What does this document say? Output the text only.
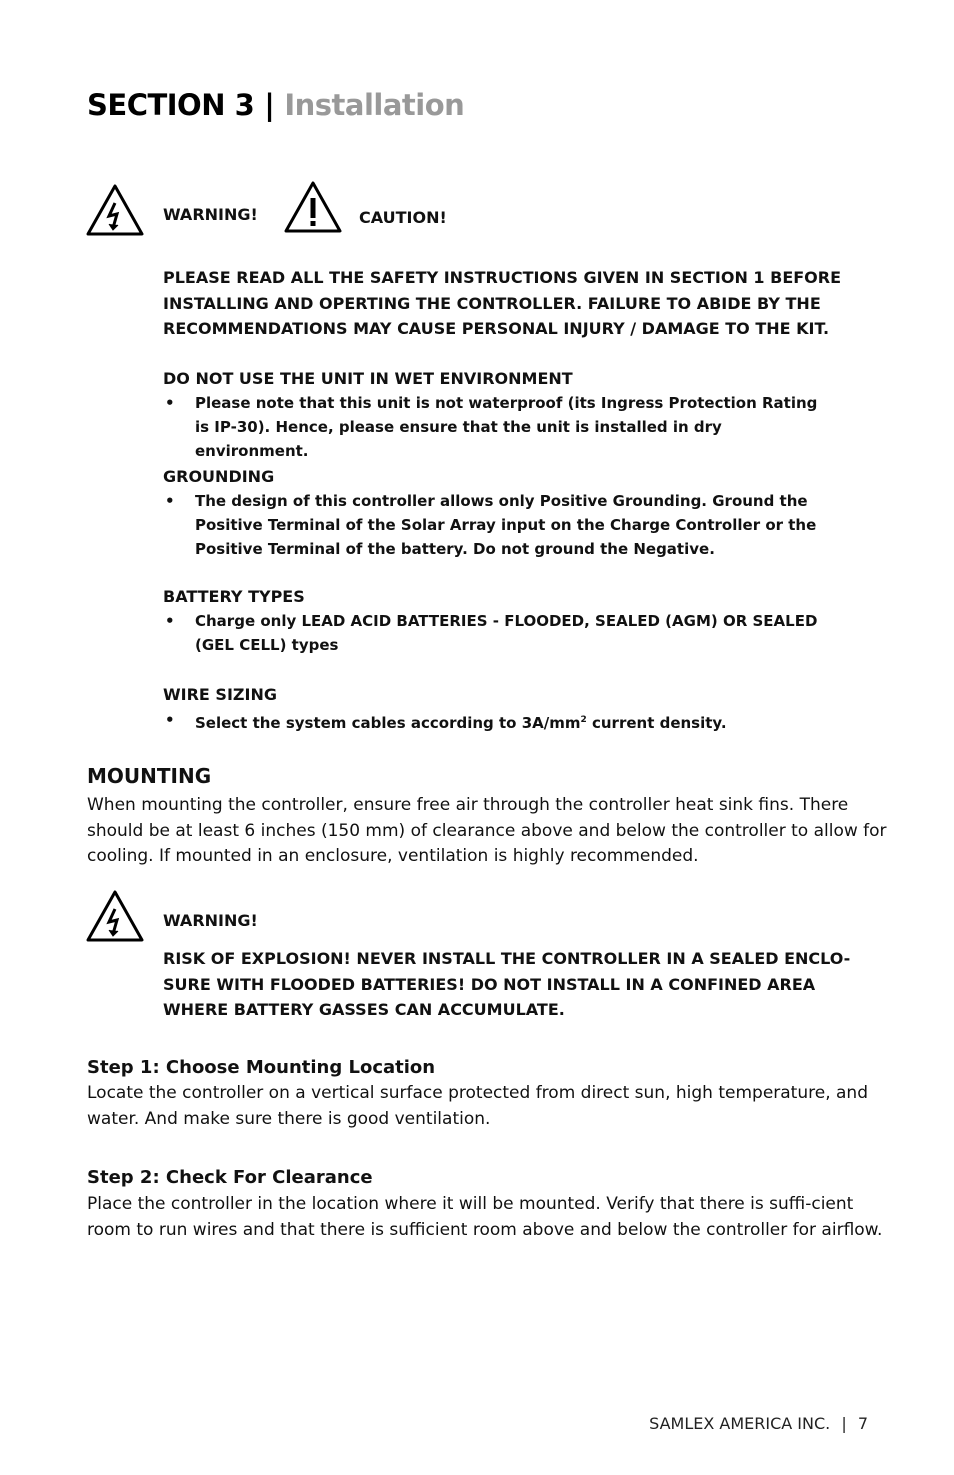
SECTION 3 | Installation
WARNING!	CAUTION!
PLEASE READ ALL THE SAFETY INSTRUCTIONS GIVEN IN SECTION 1 BEFORE INSTALLING AND OPERTING THE CONTROLLER. FAILURE TO ABIDE BY THE RECOMMENDATIONS MAY CAUSE PERSONAL INJURY / DAMAGE TO THE KIT.
DO NOT USE THE UNIT IN WET ENVIRONMENT
• Please note that this unit is not waterproof (its Ingress Protection Rating is IP-30). Hence, please ensure that the unit is installed in dry environment.
GROUNDING
• The design of this controller allows only Positive Grounding. Ground the Positive Terminal of the Solar Array input on the Charge Controller or the Positive Terminal of the battery. Do not ground the Negative.
BATTERY TYPES
• Charge only LEAD ACID BATTERIES - FLOODED, SEALED (AGM) OR SEALED (GEL CELL) types
WIRE SIZING
• Select the system cables according to $3A/mm^2$ current density.
MOUNTING
When mounting the controller, ensure free air through the controller heat sink fins. There should be at least 6 inches (150 mm) of clearance above and below the controller to allow for cooling. If mounted in an enclosure, ventilation is highly recommended.
WARNING!
RISK OF EXPLOSION! NEVER INSTALL THE CONTROLLER IN A SEALED ENCLO-SURE WITH FLOODED BATTERIES! DO NOT INSTALL IN A CONFINED AREA WHERE BATTERY GASSES CAN ACCUMULATE.
Step 1: Choose Mounting Location
Locate the controller on a vertical surface protected from direct sun, high temperature, and water. And make sure there is good ventilation.
Step 2: Check For Clearance
Place the controller in the location where it will be mounted. Verify that there is suffi-cient room to run wires and that there is sufficient room above and below the controller for airflow.
SAMLEX AMERICA INC. | 7
